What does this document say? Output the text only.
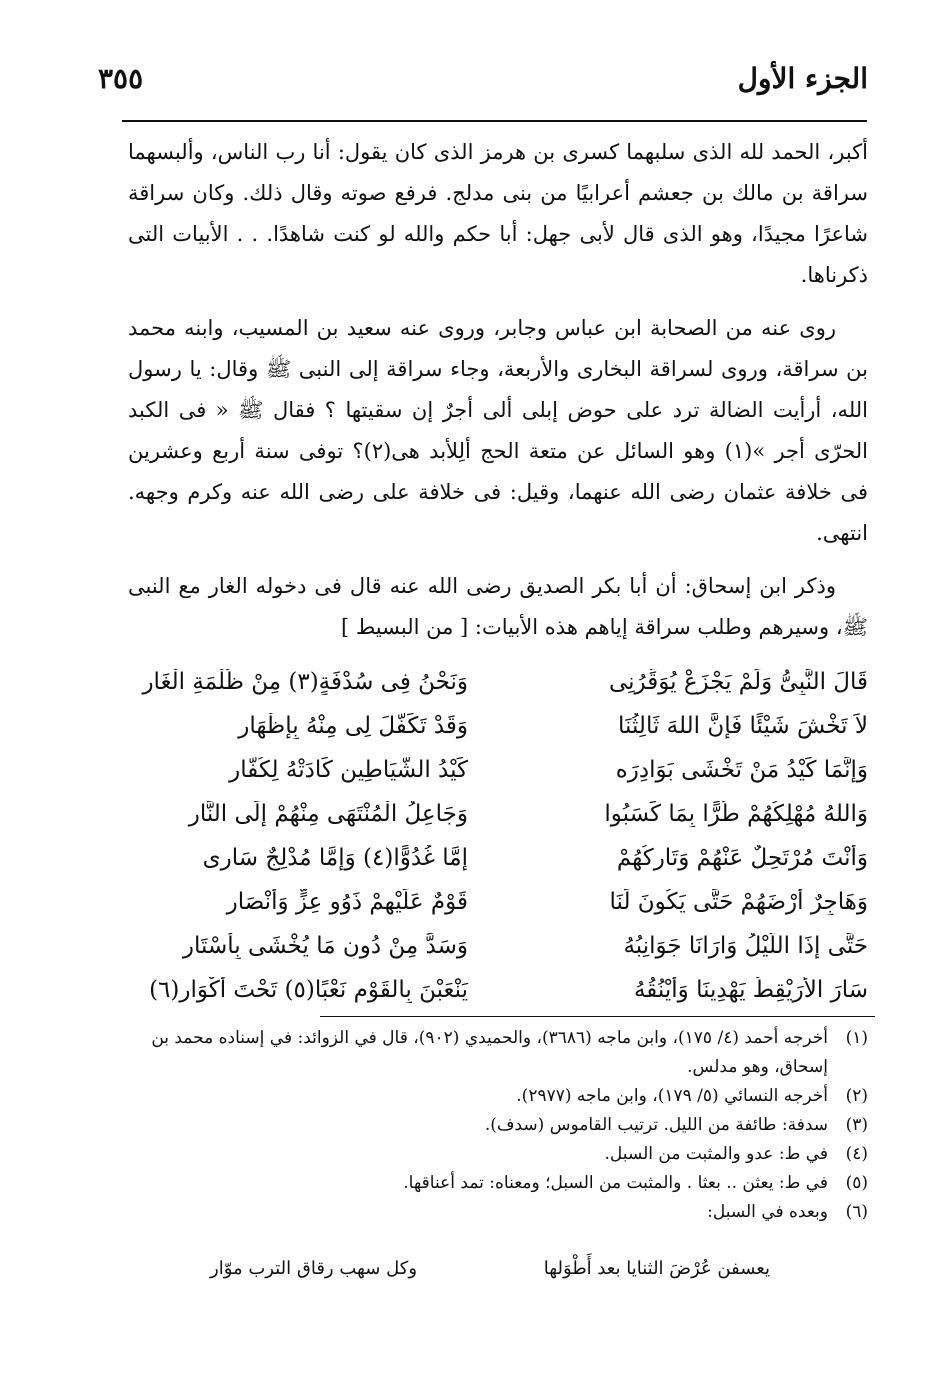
الجزء الأول
٣٥٥

أكبر، الحمد لله الذى سلبهما كسرى بن هرمز الذى كان يقول: أنا رب الناس، وألبسهما سراقة بن مالك بن جعشم أعرابيًا من بنى مدلج. فرفع صوته وقال ذلك. وكان سراقة شاعرًا مجيدًا، وهو الذى قال لأبى جهل: أبا حكم والله لو كنت شاهدًا. . . الأبيات التى ذكرناها.

روى عنه من الصحابة ابن عباس وجابر، وروى عنه سعيد بن المسيب، وابنه محمد بن سراقة، وروى لسراقة البخارى والأربعة، وجاء سراقة إلى النبى ﷺ وقال: يا رسول الله، أرأيت الضالة ترد على حوض إبلى ألى أجرٌ إن سقيتها ؟ فقال ﷺ « فى الكبد الحرّى أجر »(١) وهو السائل عن متعة الحج ألِلأبد هى(٢)؟ توفى سنة أربع وعشرين فى خلافة عثمان رضى الله عنهما، وقيل: فى خلافة على رضى الله عنه وكرم وجهه. انتهى.

وذكر ابن إسحاق: أن أبا بكر الصديق رضى الله عنه قال فى دخوله الغار مع النبى ﷺ، وسيرهم وطلب سراقة إياهم هذه الأبيات: [ من البسيط ]

قَالَ النَّبِىُّ وَلَمْ يَجْزَعْ يُوَقِّرُنِى
وَنَحْنُ فِى سُدْفَةٍ(٣) مِنْ ظُلْمَةِ الْغَارِ
لاَ تَخْشَ شَيْئًا فَإِنَّ اللهَ ثَالِثُنَا
وَقَدْ تَكَفَّلَ لِى مِنْهُ بِإِظْهَارِ
وَإِنَّمَا كَيْدُ مَنْ تَخْشَى بَوَادِرَه
كَيْدُ الشَّيَاطِينِ كَادَتْهُ لِكُفَّارِ
وَاللهُ مُهْلِكُهُمْ طُرًّا بِمَا كَسَبُوا
وَجَاعِلُ الْمُنْتَهَى مِنْهُمْ إِلَى النَّارِ
وَأَنْتَ مُرْتَحِلٌ عَنْهُمْ وَتَارِكُهُمْ
إِمَّا غُدُوًّا(٤) وَإِمَّا مُدْلِجٌ سَارِى
وَهَاجِرٌ أَرْضَهُمْ حَتَّى يَكُونَ لَنَا
قَوْمٌ عَلَيْهِمْ ذَوُو عِزٍّ وَأَنْصَارِ
حَتَّى إِذَا اللَّيْلُ وَارَانَا جَوَانِبُهُ
وَسَدَّ مِنْ دُونِ مَا يُخْشَى بِأَسْتَارِ
سَارَ الأُرَيْقِطُ يَهْدِينَا وَأَيْنُقُهُ
يَنْعَبْنَ بِالقَوْمِ نَعْبًا(٥) تَحْتَ أَكْوَارِ(٦)
(١)
أخرجه أحمد (٤/ ١٧٥)، وابن ماجه (٣٦٨٦)، والحميدي (٩٠٢)، قال في الزوائد: في إسناده محمد بن إسحاق، وهو مدلس.
(٢)
أخرجه النسائي (٥/ ١٧٩)، وابن ماجه (٢٩٧٧).
(٣)
سدفة: طائفة من الليل. ترتيب القاموس (سدف).
(٤)
في ط: عدو والمثبت من السبل.
(٥)
في ط: يعثن .. بعثا . والمثبت من السبل؛ ومعناه: تمد أعناقها.
(٦)
وبعده في السبل:
يعسفن عُرْضَ الثنايا بعد أَطْوَلها
وكل سهب رقاق الترب موّار
